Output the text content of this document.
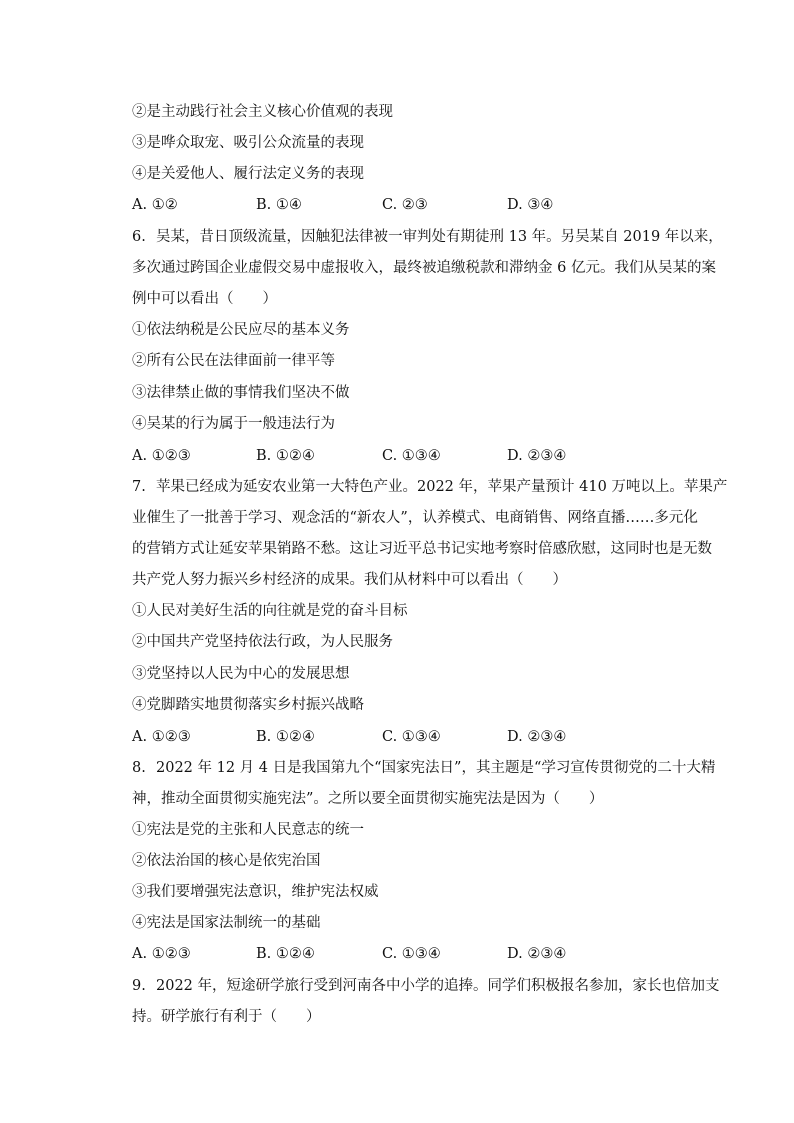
②是主动践行社会主义核心价值观的表现
③是哗众取宠、吸引公众流量的表现
④是关爱他人、履行法定义务的表现
A. ①②	B. ①④	C. ②③	D. ③④
6. 吴某，昔日顶级流量，因触犯法律被一审判处有期徒刑 13 年。另吴某自 2019 年以来，
多次通过跨国企业虚假交易中虚报收入，最终被追缴税款和滞纳金 6 亿元。我们从吴某的案
例中可以看出（　　）
①依法纳税是公民应尽的基本义务
②所有公民在法律面前一律平等
③法律禁止做的事情我们坚决不做
④吴某的行为属于一般违法行为
A. ①②③	B. ①②④	C. ①③④	D. ②③④
7. 苹果已经成为延安农业第一大特色产业。2022 年，苹果产量预计 410 万吨以上。苹果产
业催生了一批善于学习、观念活的“新农人”，认养模式、电商销售、网络直播……多元化
的营销方式让延安苹果销路不愁。这让习近平总书记实地考察时倍感欣慰，这同时也是无数
共产党人努力振兴乡村经济的成果。我们从材料中可以看出（　　）
①人民对美好生活的向往就是党的奋斗目标
②中国共产党坚持依法行政，为人民服务
③党坚持以人民为中心的发展思想
④党脚踏实地贯彻落实乡村振兴战略
A. ①②③	B. ①②④	C. ①③④	D. ②③④
8. 2022 年 12 月 4 日是我国第九个“国家宪法日”，其主题是“学习宣传贯彻党的二十大精
神，推动全面贯彻实施宪法”。之所以要全面贯彻实施宪法是因为（　　）
①宪法是党的主张和人民意志的统一
②依法治国的核心是依宪治国
③我们要增强宪法意识，维护宪法权威
④宪法是国家法制统一的基础
A. ①②③	B. ①②④	C. ①③④	D. ②③④
9. 2022 年，短途研学旅行受到河南各中小学的追捧。同学们积极报名参加，家长也倍加支
持。研学旅行有利于（　　）
